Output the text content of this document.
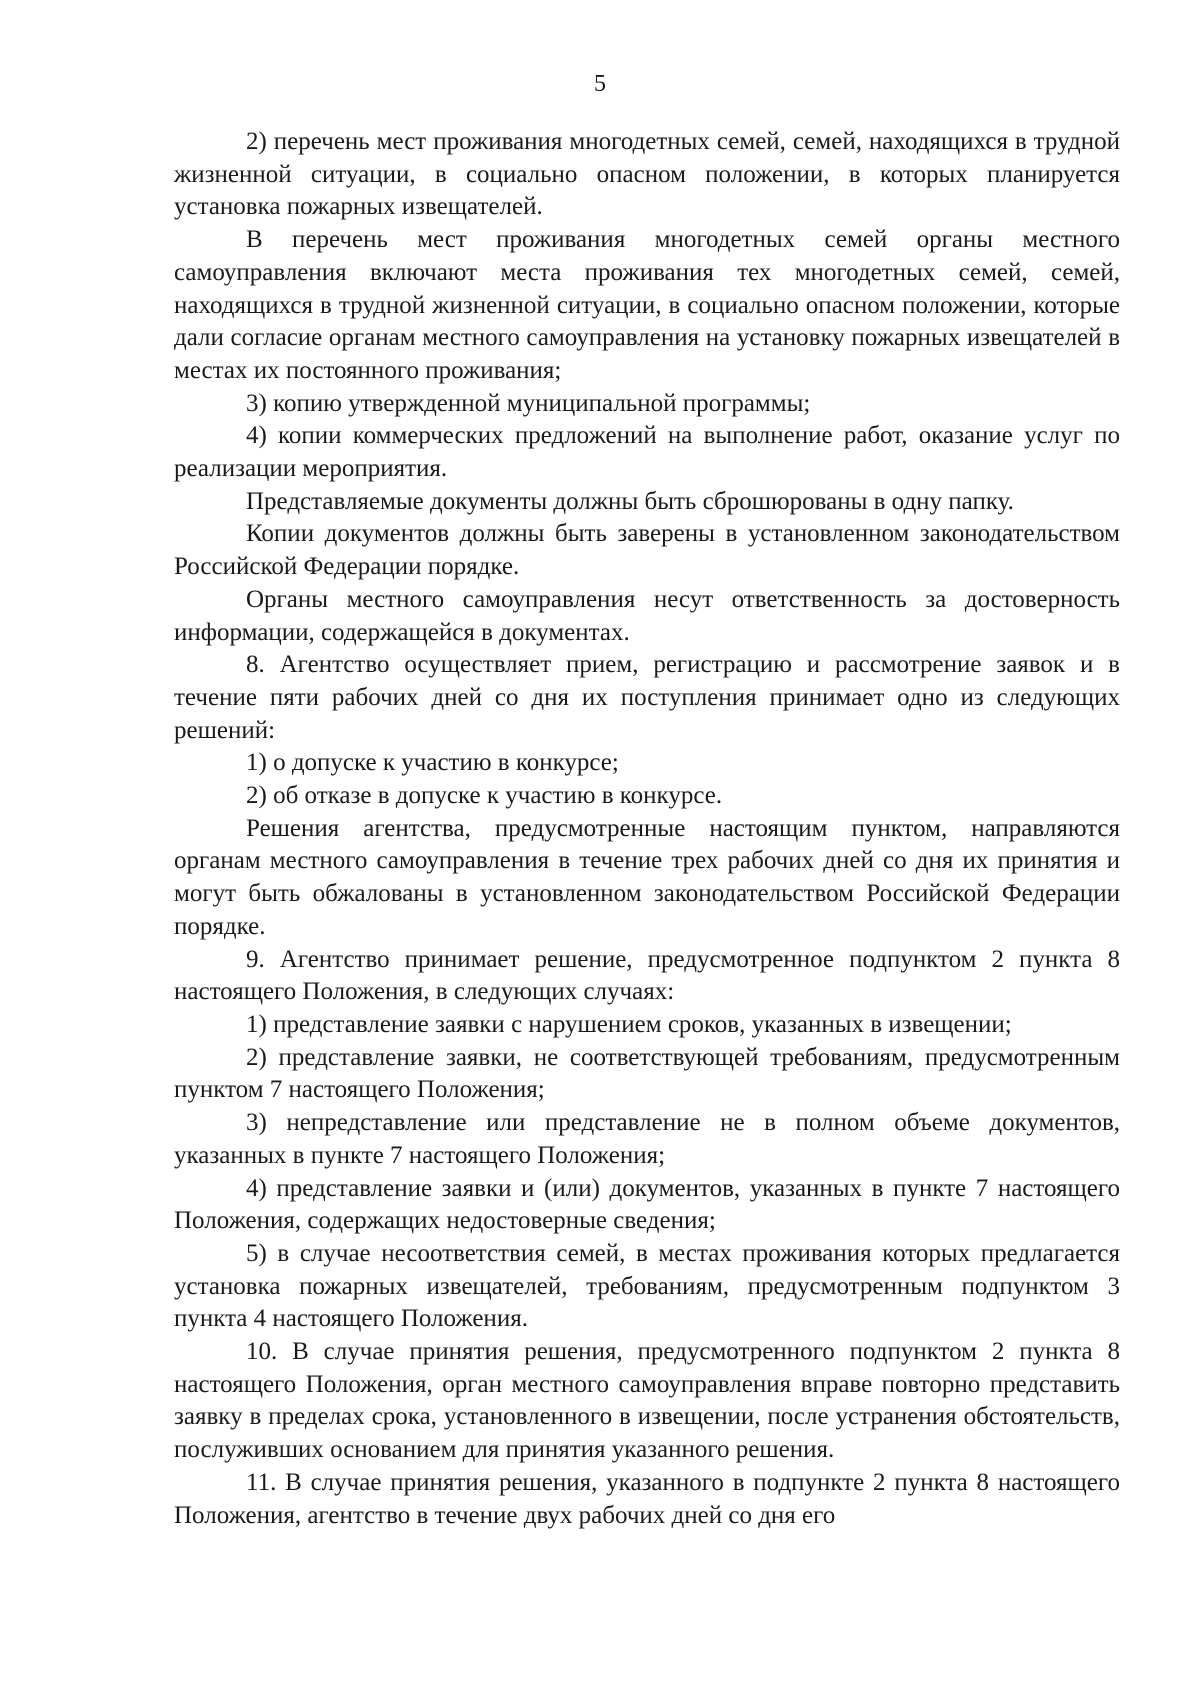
5

2) перечень мест проживания многодетных семей, семей, находящихся в трудной жизненной ситуации, в социально опасном положении, в которых планируется установка пожарных извещателей.

В перечень мест проживания многодетных семей органы местного самоуправления включают места проживания тех многодетных семей, семей, находящихся в трудной жизненной ситуации, в социально опасном положении, которые дали согласие органам местного самоуправления на установку пожарных извещателей в местах их постоянного проживания;

3) копию утвержденной муниципальной программы;

4) копии коммерческих предложений на выполнение работ, оказание услуг по реализации мероприятия.

Представляемые документы должны быть сброшюрованы в одну папку.

Копии документов должны быть заверены в установленном законодательством Российской Федерации порядке.

Органы местного самоуправления несут ответственность за достоверность информации, содержащейся в документах.

8. Агентство осуществляет прием, регистрацию и рассмотрение заявок и в течение пяти рабочих дней со дня их поступления принимает одно из следующих решений:

1) о допуске к участию в конкурсе;

2) об отказе в допуске к участию в конкурсе.

Решения агентства, предусмотренные настоящим пунктом, направляются органам местного самоуправления в течение трех рабочих дней со дня их принятия и могут быть обжалованы в установленном законодательством Российской Федерации порядке.

9. Агентство принимает решение, предусмотренное подпунктом 2 пункта 8 настоящего Положения, в следующих случаях:

1) представление заявки с нарушением сроков, указанных в извещении;

2) представление заявки, не соответствующей требованиям, предусмотренным пунктом 7 настоящего Положения;

3) непредставление или представление не в полном объеме документов, указанных в пункте 7 настоящего Положения;

4) представление заявки и (или) документов, указанных в пункте 7 настоящего Положения, содержащих недостоверные сведения;

5) в случае несоответствия семей, в местах проживания которых предлагается установка пожарных извещателей, требованиям, предусмотренным подпунктом 3 пункта 4 настоящего Положения.

10. В случае принятия решения, предусмотренного подпунктом 2 пункта 8 настоящего Положения, орган местного самоуправления вправе повторно представить заявку в пределах срока, установленного в извещении, после устранения обстоятельств, послуживших основанием для принятия указанного решения.

11. В случае принятия решения, указанного в подпункте 2 пункта 8 настоящего Положения, агентство в течение двух рабочих дней со дня его
